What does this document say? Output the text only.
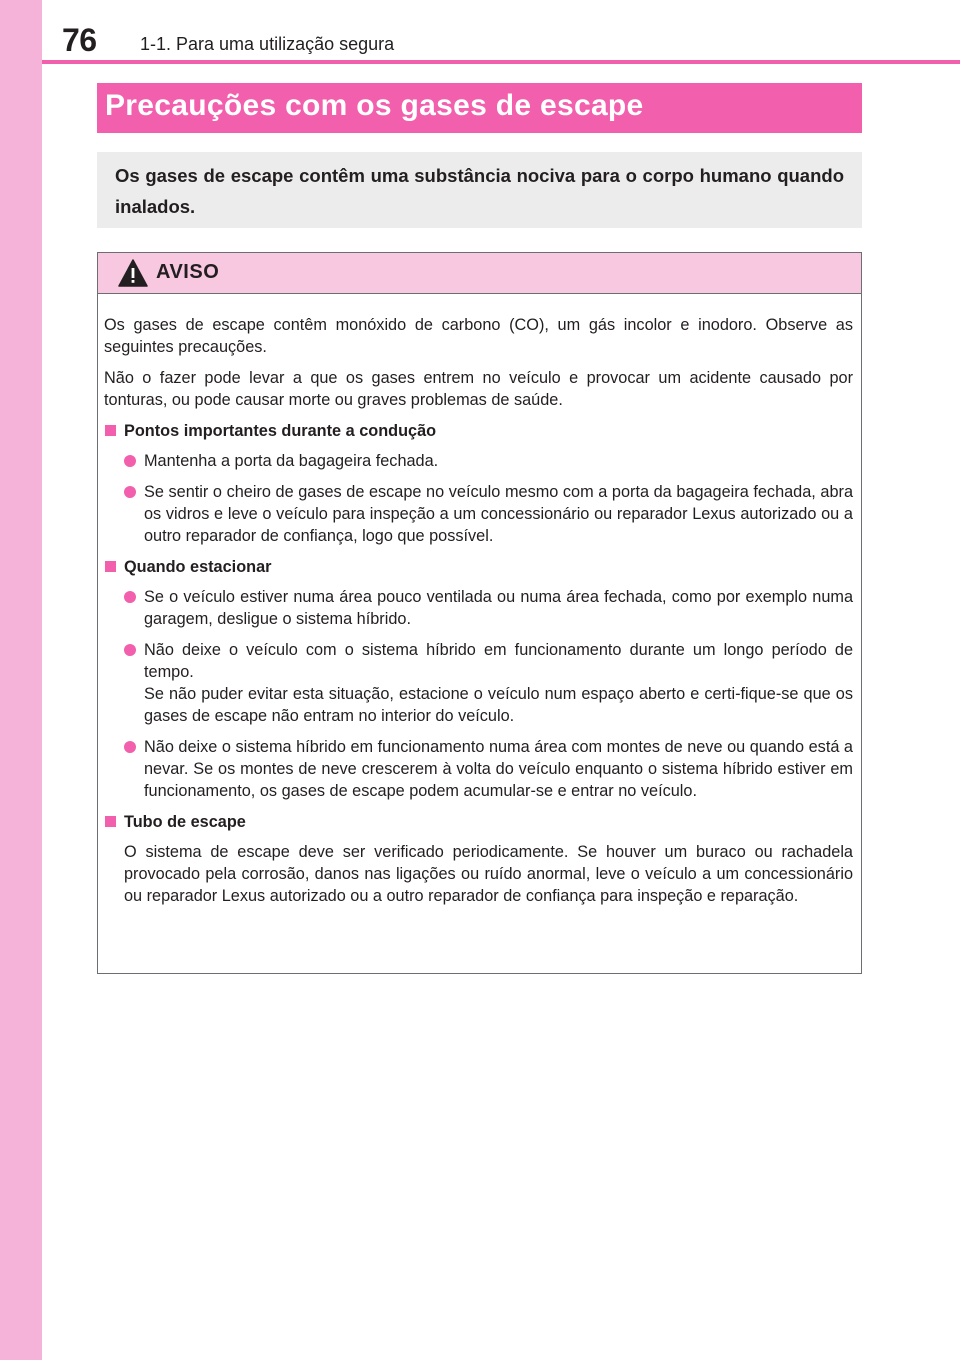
76 1-1. Para uma utilização segura
Precauções com os gases de escape
Os gases de escape contêm uma substância nociva para o corpo humano quando inalados.
AVISO

Os gases de escape contêm monóxido de carbono (CO), um gás incolor e inodoro. Observe as seguintes precauções.

Não o fazer pode levar a que os gases entrem no veículo e provocar um acidente causado por tonturas, ou pode causar morte ou graves problemas de saúde.

Pontos importantes durante a condução
Mantenha a porta da bagageira fechada.
Se sentir o cheiro de gases de escape no veículo mesmo com a porta da bagageira fechada, abra os vidros e leve o veículo para inspeção a um concessionário ou reparador Lexus autorizado ou a outro reparador de confiança, logo que possível.
Quando estacionar
Se o veículo estiver numa área pouco ventilada ou numa área fechada, como por exemplo numa garagem, desligue o sistema híbrido.
Não deixe o veículo com o sistema híbrido em funcionamento durante um longo período de tempo.
Se não puder evitar esta situação, estacione o veículo num espaço aberto e certi-fique-se que os gases de escape não entram no interior do veículo.
Não deixe o sistema híbrido em funcionamento numa área com montes de neve ou quando está a nevar. Se os montes de neve crescerem à volta do veículo enquanto o sistema híbrido estiver em funcionamento, os gases de escape podem acumular-se e entrar no veículo.
Tubo de escape

O sistema de escape deve ser verificado periodicamente. Se houver um buraco ou rachadela provocado pela corrosão, danos nas ligações ou ruído anormal, leve o veículo a um concessionário ou reparador Lexus autorizado ou a outro reparador de confiança para inspeção e reparação.
